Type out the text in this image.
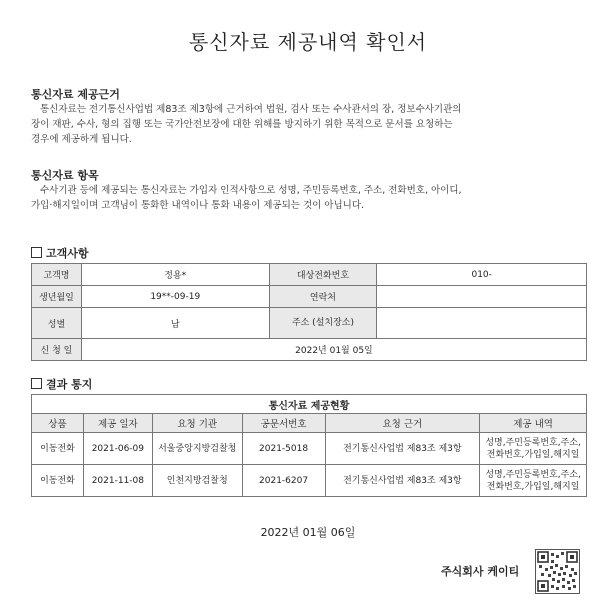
통신자료 제공내역 확인서
통신자료 제공근거
통신자료는 전기통신사업법 제83조 제3항에 근거하여 법원, 검사 또는 수사관서의 장, 정보수사기관의
장이 재판, 수사, 형의 집행 또는 국가안전보장에 대한 위해를 방지하기 위한 목적으로 문서를 요청하는
경우에 제공하게 됩니다.
통신자료 항목
수사기관 등에 제공되는 통신자료는 가입자 인적사항으로 성명, 주민등록번호, 주소, 전화번호, 아이디,
가입·해지일이며 고객님이 통화한 내역이나 통화 내용이 제공되는 것이 아닙니다.
고객사항
고객명	정용*	대상전화번호	010-
생년월일	19**-09-19	연락처	
성별	남	주소 (설치장소)	
신 청 일	2022년 01월 05일		
결과 통지
통신자료 제공현황					
상품	제공 일자	요청 기관	공문서번호	요청 근거	제공 내역
이동전화	2021-06-09	서울중앙지방검찰청	2021-5018	전기통신사업법 제83조 제3항	성명,주민등록번호,주소,
전화번호,가입일,해지일

이동전화	2021-11-08	인천지방검찰청	2021-6207	전기통신사업법 제83조 제3항	성명,주민등록번호,주소,
전화번호,가입일,해지일
2022년 01월 06일
주식회사 케이티
